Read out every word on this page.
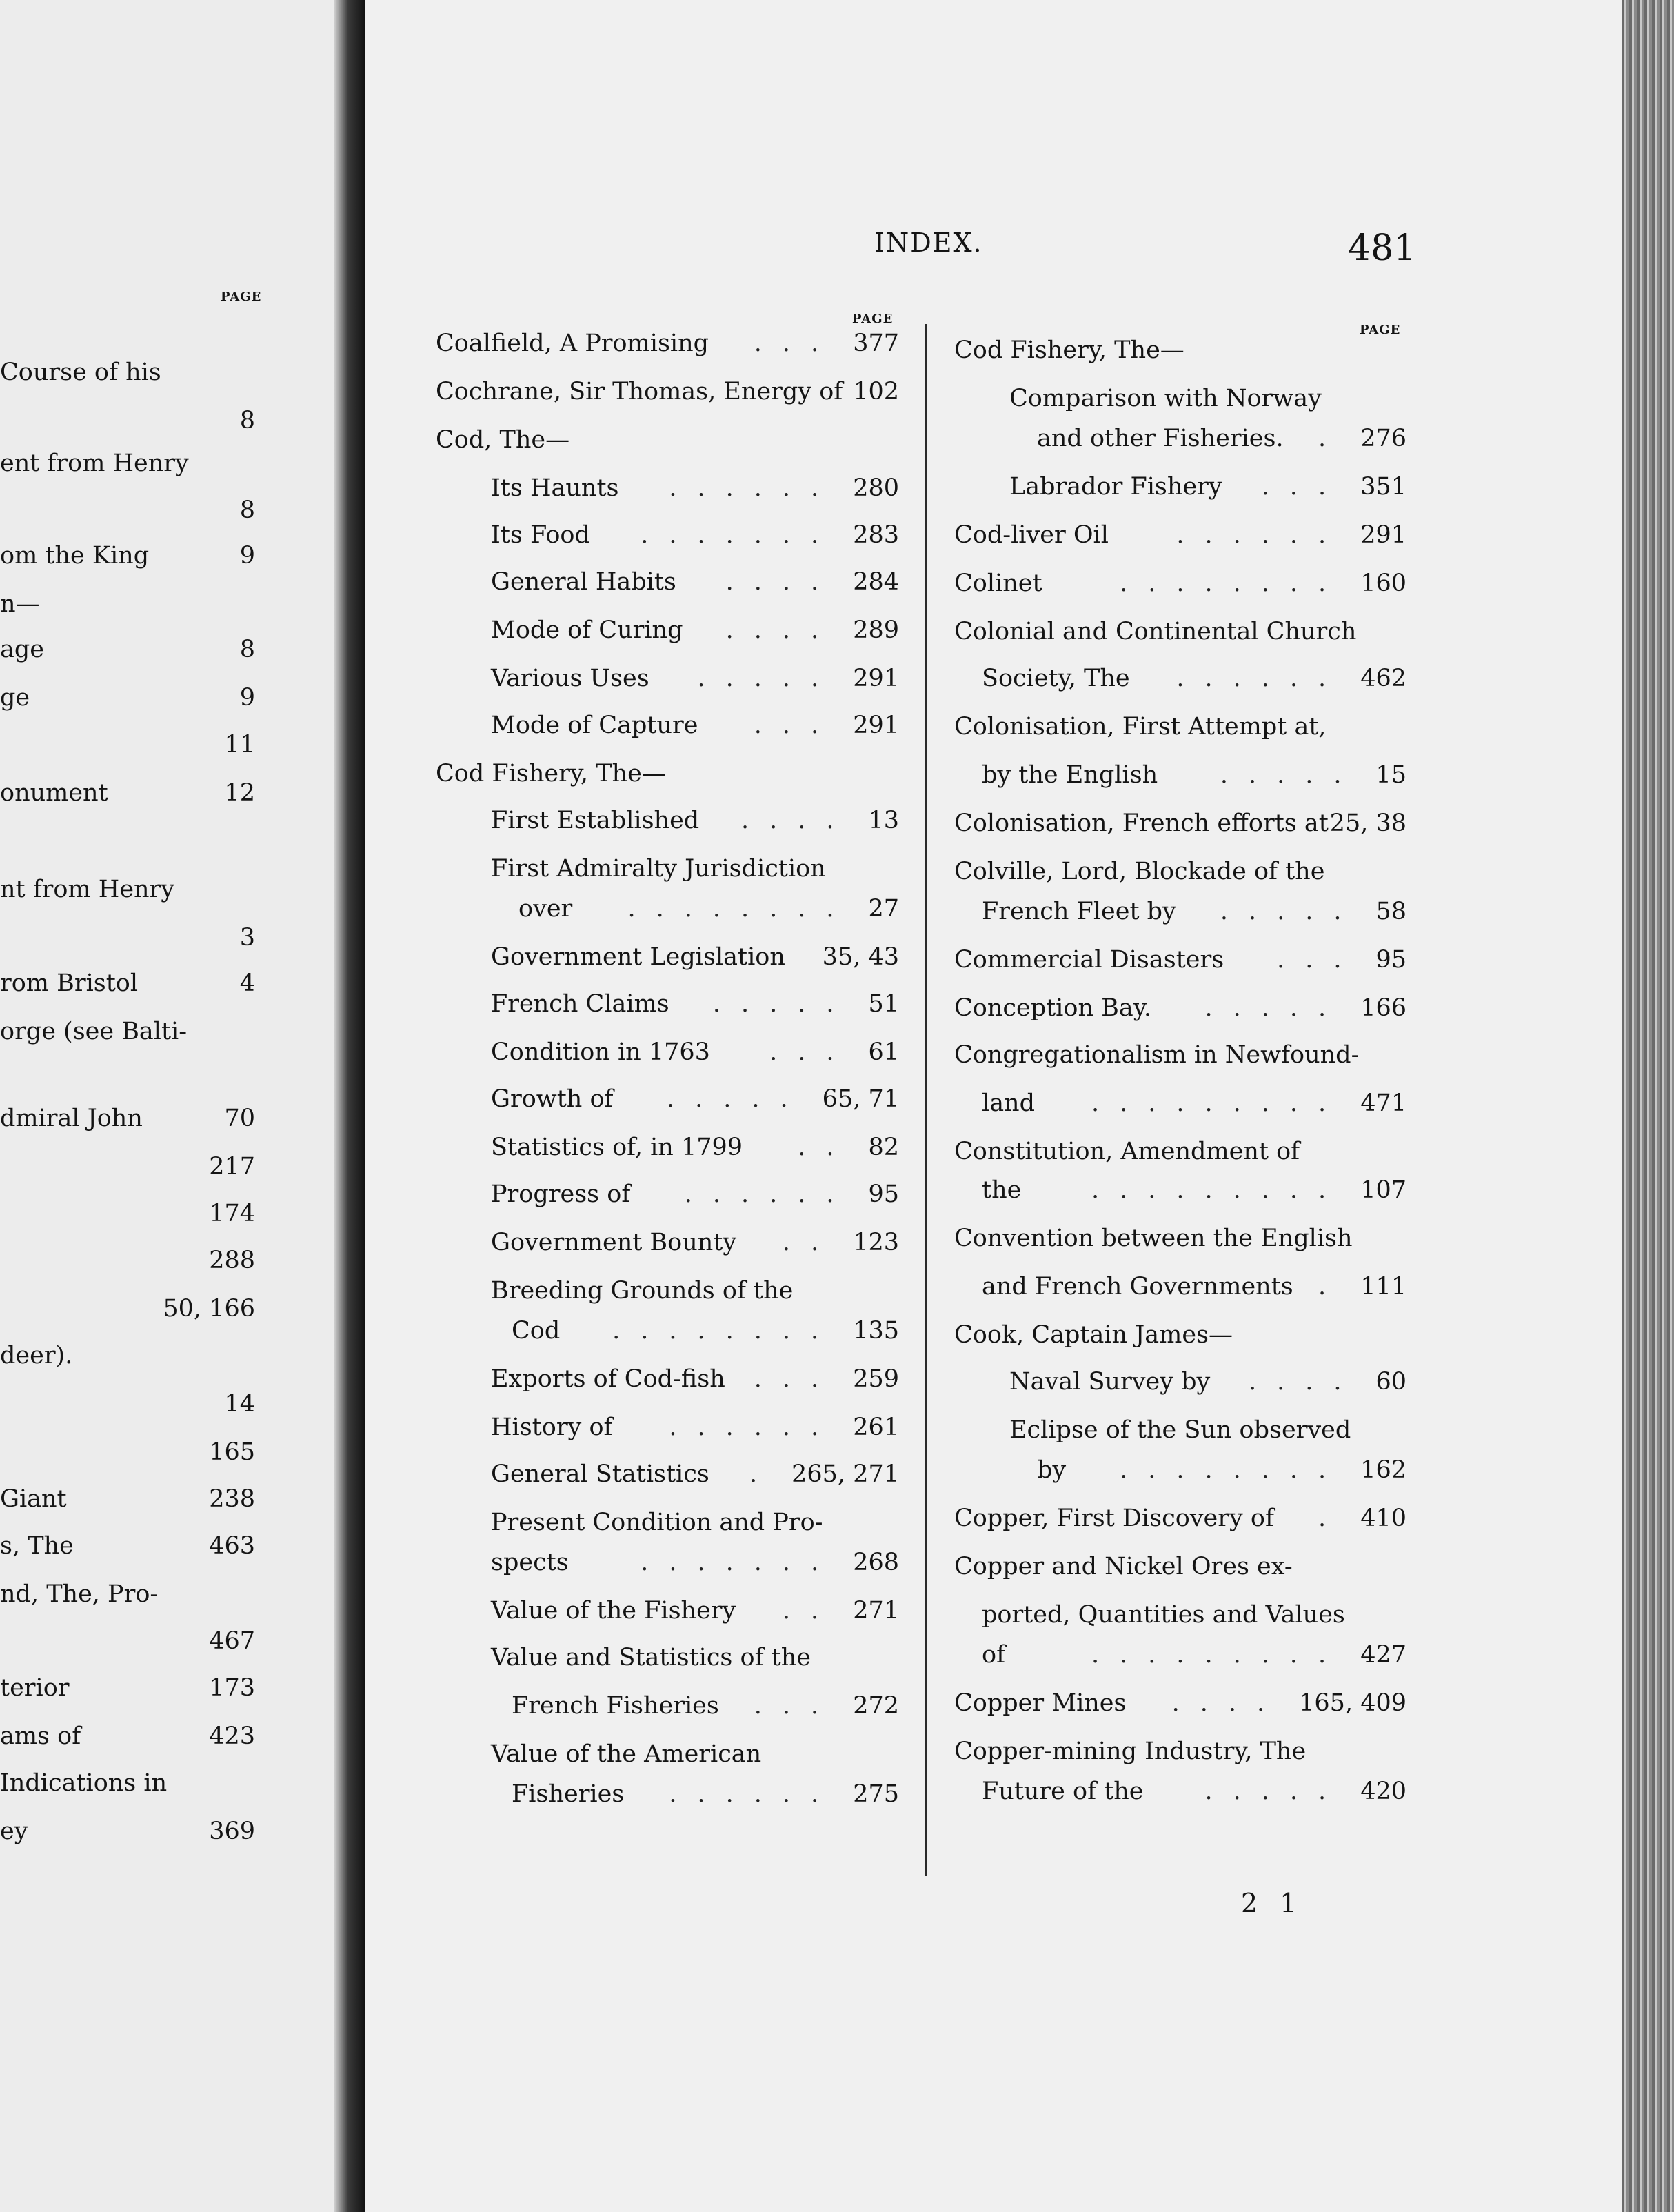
PAGE
Course of his
8
ent from Henry
8
om the King	9
n—
age	8
ge	9
11
onument	12
nt from Henry
3
rom Bristol	4
orge (see Balti-
dmiral John	70
217
174
288
50, 166
deer).
14
165
Giant	238
s, The	463
nd, The, Pro-
467
terior	173
ams of	423
Indications in
ey	369
INDEX.	481
PAGE
PAGE
Coalfield, A Promising	377
...
Cochrane, Sir Thomas, Energy of 102
Cod, The—
Its Haunts	280
......
Its Food	283
.......
General Habits	284
....
Mode of Curing	289
....
Various Uses	291
.....
Mode of Capture	291
...
Cod Fishery, The—
First Established	13
....
First Admiralty Jurisdiction
over	27
........
Government Legislation 35, 43
French Claims	51
.....
Condition in 1763	61
...
Growth of	65, 71
.....
Statistics of, in 1799	82
..
Progress of	95
......
Government Bounty	123
..
Breeding Grounds of the
Cod	135
........
Exports of Cod-fish	259
...
History of	261
......
General Statistics	265, 271
.
Present Condition and Pro-
spects	268
.......
Value of the Fishery	271
..
Value and Statistics of the
French Fisheries	272
...
Value of the American
Fisheries	275
......
Cod Fishery, The—
Comparison with Norway
and other Fisheries.	276
.
Labrador Fishery	351
...
Cod-liver Oil	291
......
Colinet	160
........
Colonial and Continental Church
Society, The	462
......
Colonisation, First Attempt at,
by the English	15
.....
Colonisation, French efforts at 25, 38
Colville, Lord, Blockade of the
French Fleet by	58
.....
Commercial Disasters	95
...
Conception Bay.	166
.....
Congregationalism in Newfound-
land	471
.........
Constitution, Amendment of
the	107
.........
Convention between the English
and French Governments	111
.
Cook, Captain James—
Naval Survey by	60
....
Eclipse of the Sun observed
by	162
........
Copper, First Discovery of	410
.
Copper and Nickel Ores ex-
ported, Quantities and Values
of	427
.........
Copper Mines	165, 409
....
Copper-mining Industry, The
Future of the	420
.....
2 1
